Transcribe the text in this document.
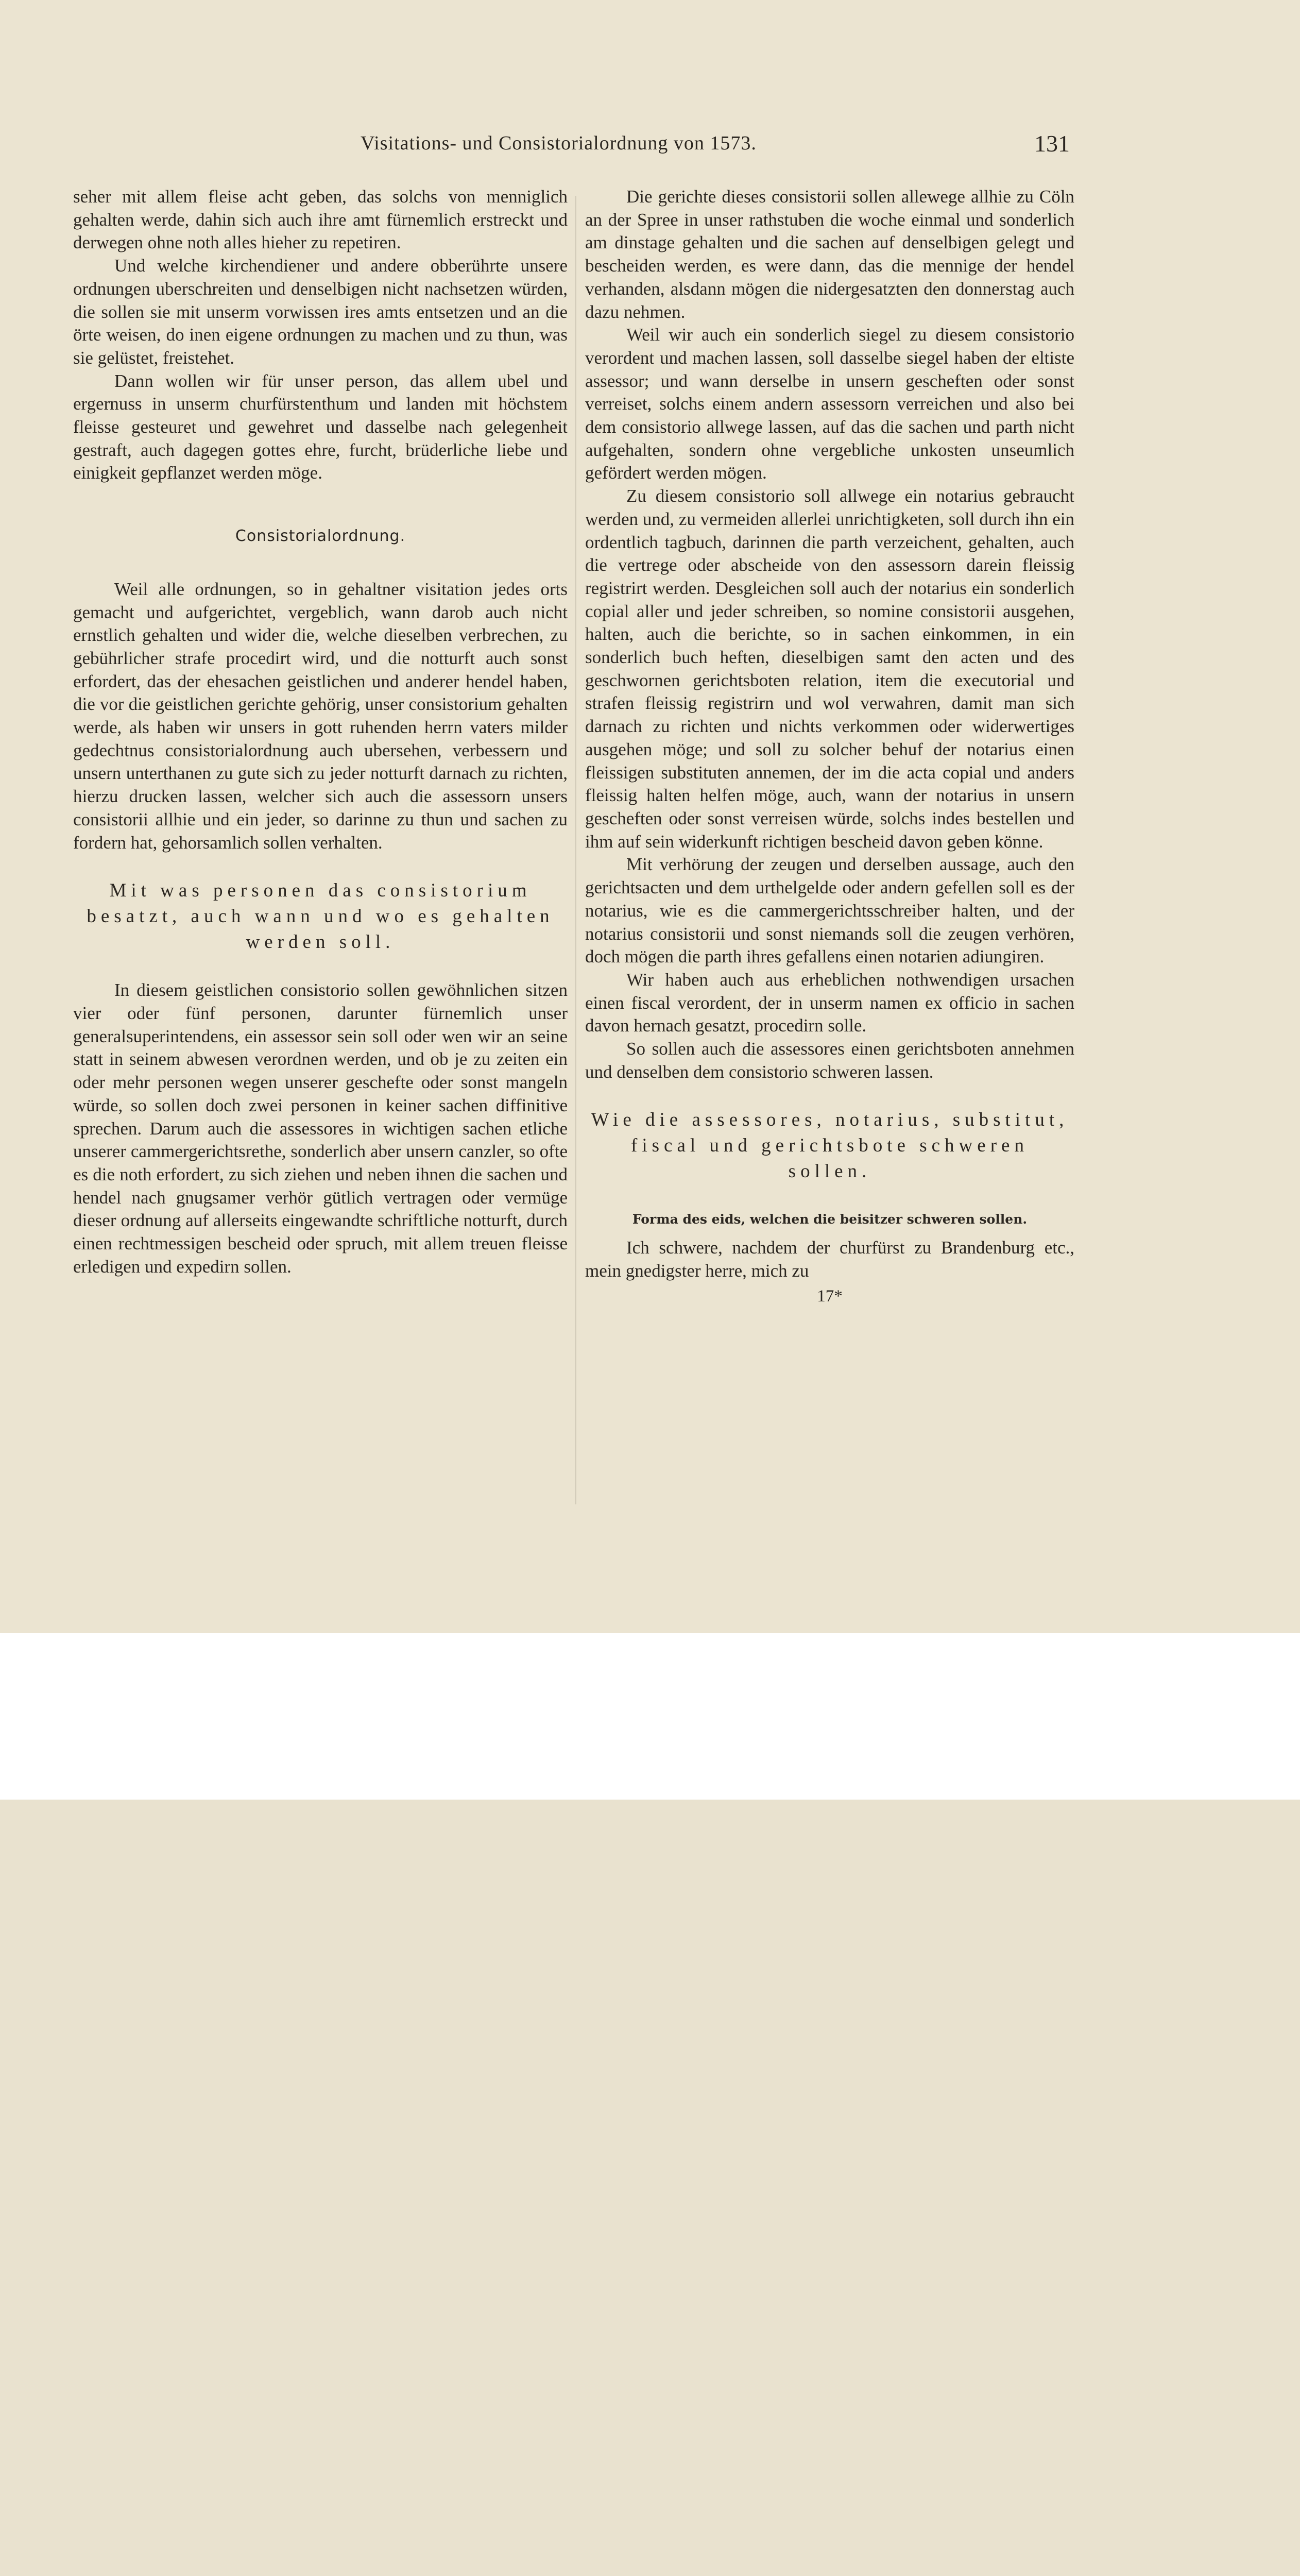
Visitations- und Consistorialordnung von 1573.	131

seher mit allem fleise acht geben, das solchs von menniglich gehalten werde, dahin sich auch ihre amt fürnemlich erstreckt und derwegen ohne noth alles hieher zu repetiren.

Und welche kirchendiener und andere obberührte unsere ordnungen uberschreiten und denselbigen nicht nachsetzen würden, die sollen sie mit unserm vorwissen ires amts entsetzen und an die örte weisen, do inen eigene ordnungen zu machen und zu thun, was sie gelüstet, freistehet.

Dann wollen wir für unser person, das allem ubel und ergernuss in unserm churfürstenthum und landen mit höchstem fleisse gesteuret und gewehret und dasselbe nach gelegenheit gestraft, auch dagegen gottes ehre, furcht, brüderliche liebe und einigkeit gepflanzet werden möge.

Consistorialordnung.

Weil alle ordnungen, so in gehaltner visitation jedes orts gemacht und aufgerichtet, vergeblich, wann darob auch nicht ernstlich gehalten und wider die, welche dieselben verbrechen, zu gebührlicher strafe procedirt wird, und die notturft auch sonst erfordert, das der ehesachen geistlichen und anderer hendel haben, die vor die geistlichen gerichte gehörig, unser consistorium gehalten werde, als haben wir unsers in gott ruhenden herrn vaters milder gedechtnus consistorialordnung auch ubersehen, verbessern und unsern unterthanen zu gute sich zu jeder notturft darnach zu richten, hierzu drucken lassen, welcher sich auch die assessorn unsers consistorii allhie und ein jeder, so darinne zu thun und sachen zu fordern hat, gehorsamlich sollen verhalten.

Mit was personen das consistorium besatzt, auch wann und wo es gehalten werden soll.

In diesem geistlichen consistorio sollen gewöhnlichen sitzen vier oder fünf personen, darunter fürnemlich unser generalsuperintendens, ein assessor sein soll oder wen wir an seine statt in seinem abwesen verordnen werden, und ob je zu zeiten ein oder mehr personen wegen unserer geschefte oder sonst mangeln würde, so sollen doch zwei personen in keiner sachen diffinitive sprechen. Darum auch die assessores in wichtigen sachen etliche unserer cammergerichtsrethe, sonderlich aber unsern canzler, so ofte es die noth erfordert, zu sich ziehen und neben ihnen die sachen und hendel nach gnugsamer verhör gütlich vertragen oder vermüge dieser ordnung auf allerseits eingewandte schriftliche notturft, durch einen rechtmessigen bescheid oder spruch, mit allem treuen fleisse erledigen und expedirn sollen.

Die gerichte dieses consistorii sollen allewege allhie zu Cöln an der Spree in unser rathstuben die woche einmal und sonderlich am dinstage gehalten und die sachen auf denselbigen gelegt und bescheiden werden, es were dann, das die mennige der hendel verhanden, alsdann mögen die nidergesatzten den donnerstag auch dazu nehmen.

Weil wir auch ein sonderlich siegel zu diesem consistorio verordent und machen lassen, soll dasselbe siegel haben der eltiste assessor; und wann derselbe in unsern gescheften oder sonst verreiset, solchs einem andern assessorn verreichen und also bei dem consistorio allwege lassen, auf das die sachen und parth nicht aufgehalten, sondern ohne vergebliche unkosten unseumlich gefördert werden mögen.

Zu diesem consistorio soll allwege ein notarius gebraucht werden und, zu vermeiden allerlei unrichtigketen, soll durch ihn ein ordentlich tagbuch, darinnen die parth verzeichent, gehalten, auch die vertrege oder abscheide von den assessorn darein fleissig registrirt werden. Desgleichen soll auch der notarius ein sonderlich copial aller und jeder schreiben, so nomine consistorii ausgehen, halten, auch die berichte, so in sachen einkommen, in ein sonderlich buch heften, dieselbigen samt den acten und des geschwornen gerichtsboten relation, item die executorial und strafen fleissig registrirn und wol verwahren, damit man sich darnach zu richten und nichts verkommen oder widerwertiges ausgehen möge; und soll zu solcher behuf der notarius einen fleissigen substituten annemen, der im die acta copial und anders fleissig halten helfen möge, auch, wann der notarius in unsern gescheften oder sonst verreisen würde, solchs indes bestellen und ihm auf sein widerkunft richtigen bescheid davon geben könne.

Mit verhörung der zeugen und derselben aussage, auch den gerichtsacten und dem urthelgelde oder andern gefellen soll es der notarius, wie es die cammergerichtsschreiber halten, und der notarius consistorii und sonst niemands soll die zeugen verhören, doch mögen die parth ihres gefallens einen notarien adiungiren.

Wir haben auch aus erheblichen nothwendigen ursachen einen fiscal verordent, der in unserm namen ex officio in sachen davon hernach gesatzt, procedirn solle.

So sollen auch die assessores einen gerichtsboten annehmen und denselben dem consistorio schweren lassen.

Wie die assessores, notarius, substitut, fiscal und gerichtsbote schweren sollen.
Forma des eids, welchen die beisitzer schweren sollen.

Ich schwere, nachdem der churfürst zu Brandenburg etc., mein gnedigster herre, mich zu

17*
